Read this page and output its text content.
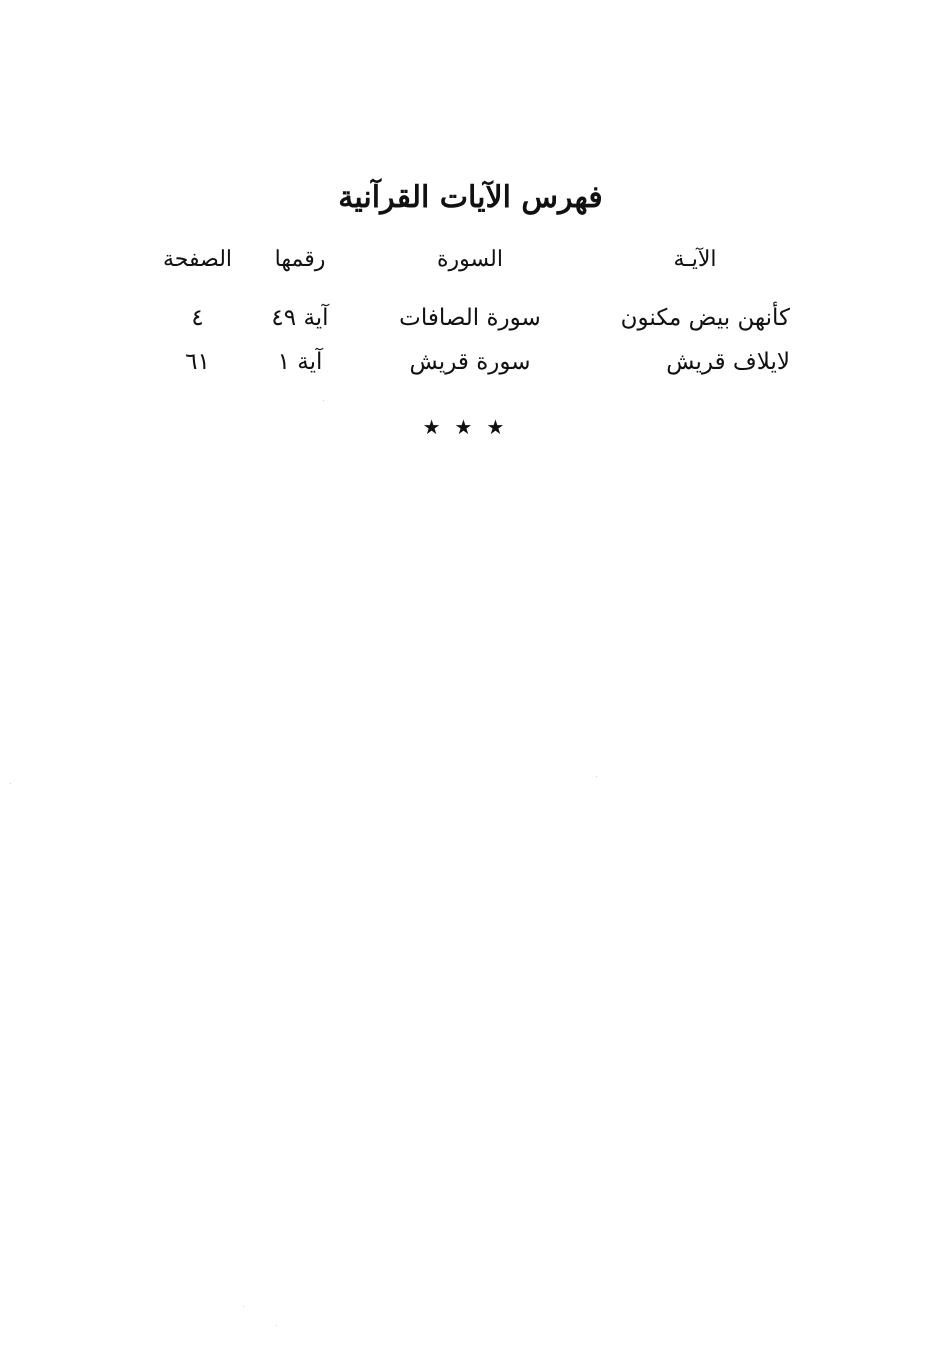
فهرس الآيات القرآنية
الآيـة
السورة
رقمها
الصفحة
كأنهن بيض مكنون
سورة الصافات
آية ٤٩
٤
لايلاف قريش
سورة قريش
آية ١
٦١
★★★
